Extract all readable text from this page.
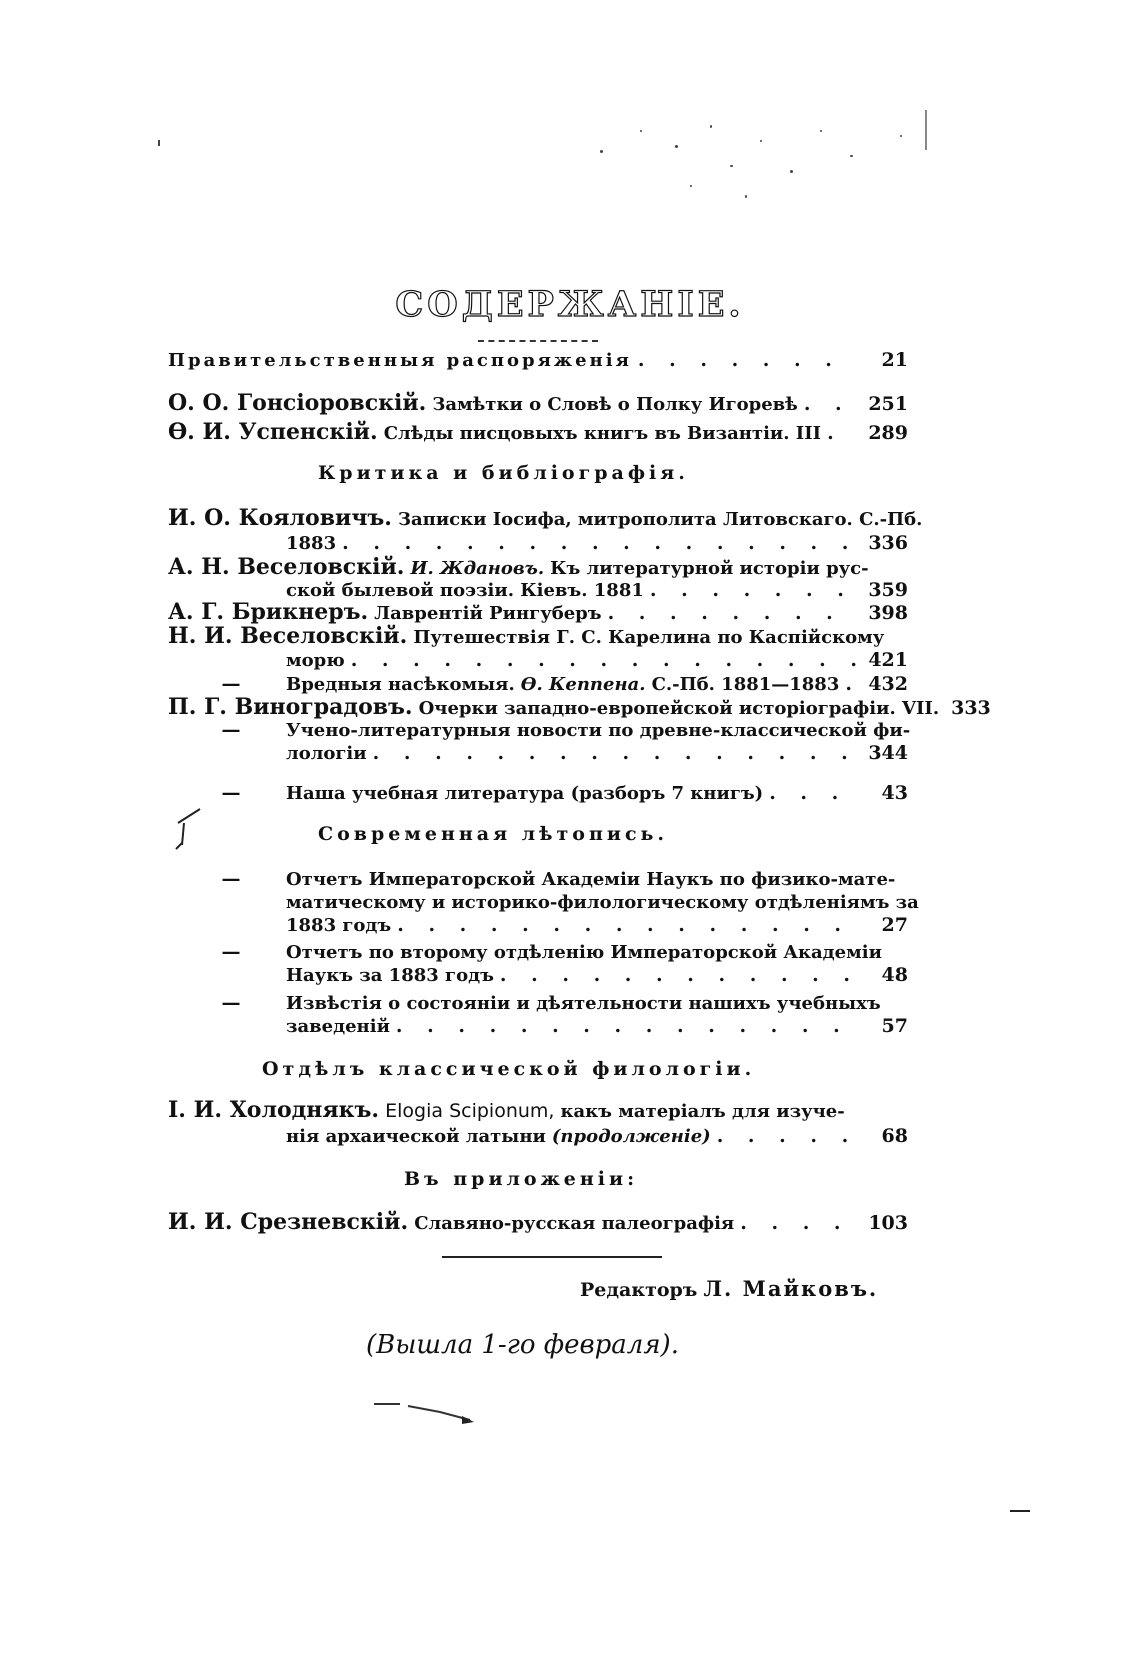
СОДЕРЖАНІЕ.
Правительственныя распоряженія . . .	21
О. О. Гонсіоровскій. Замѣтки о Словѣ о Полку Игоревѣ . . .	251
Ө. И. Успенскій. Слѣды писцовыхъ книгъ въ Византіи. III . . . 289
Критика и библіографія.
И. О. Кояловичъ. Записки Іосифа, митрополита Литовскаго. С.-Пб.
1883 . . .	336
А. Н. Веселовскій. И. Ждановъ. Къ литературной исторіи рус-
ской былевой поэзіи. Кіевъ. 1881 . . .	359
А. Г. Брикнеръ. Лаврентій Рингуберъ . . .	398
Н. И. Веселовскій. Путешествія Г. С. Карелина по Каспійскому
морю . . .	421
—	Вредныя насѣкомыя. Ө. Кеппена. С.-Пб. 1881—1883 . . . 432
П. Г. Виноградовъ. Очерки западно-европейской исторіографіи. VII. 333
—	Учено-литературныя новости по древне-классической фи-
лологіи . . .	344
—	Наша учебная литература (разборъ 7 книгъ) . . .	43
Современная лѣтопись.
—	Отчетъ Императорской Академіи Наукъ по физико-мате-
матическому и историко-филологическому отдѣленіямъ за
1883 годъ . . .	27
—	Отчетъ по второму отдѣленію Императорской Академіи
Наукъ за 1883 годъ . . .	48
—	Извѣстія о состояніи и дѣятельности нашихъ учебныхъ
заведеній . . .	57
Отдѣлъ классической филологіи.
І. И. Холоднякъ. Elogia Scipionum, какъ матеріалъ для изуче-
нія архаической латыни (продолженіе) . . .	68
Въ приложеніи:
И. И. Срезневскій. Славяно-русская палеографія . . .	103
Редакторъ Л. Майковъ.
(Вышла 1-го февраля).
